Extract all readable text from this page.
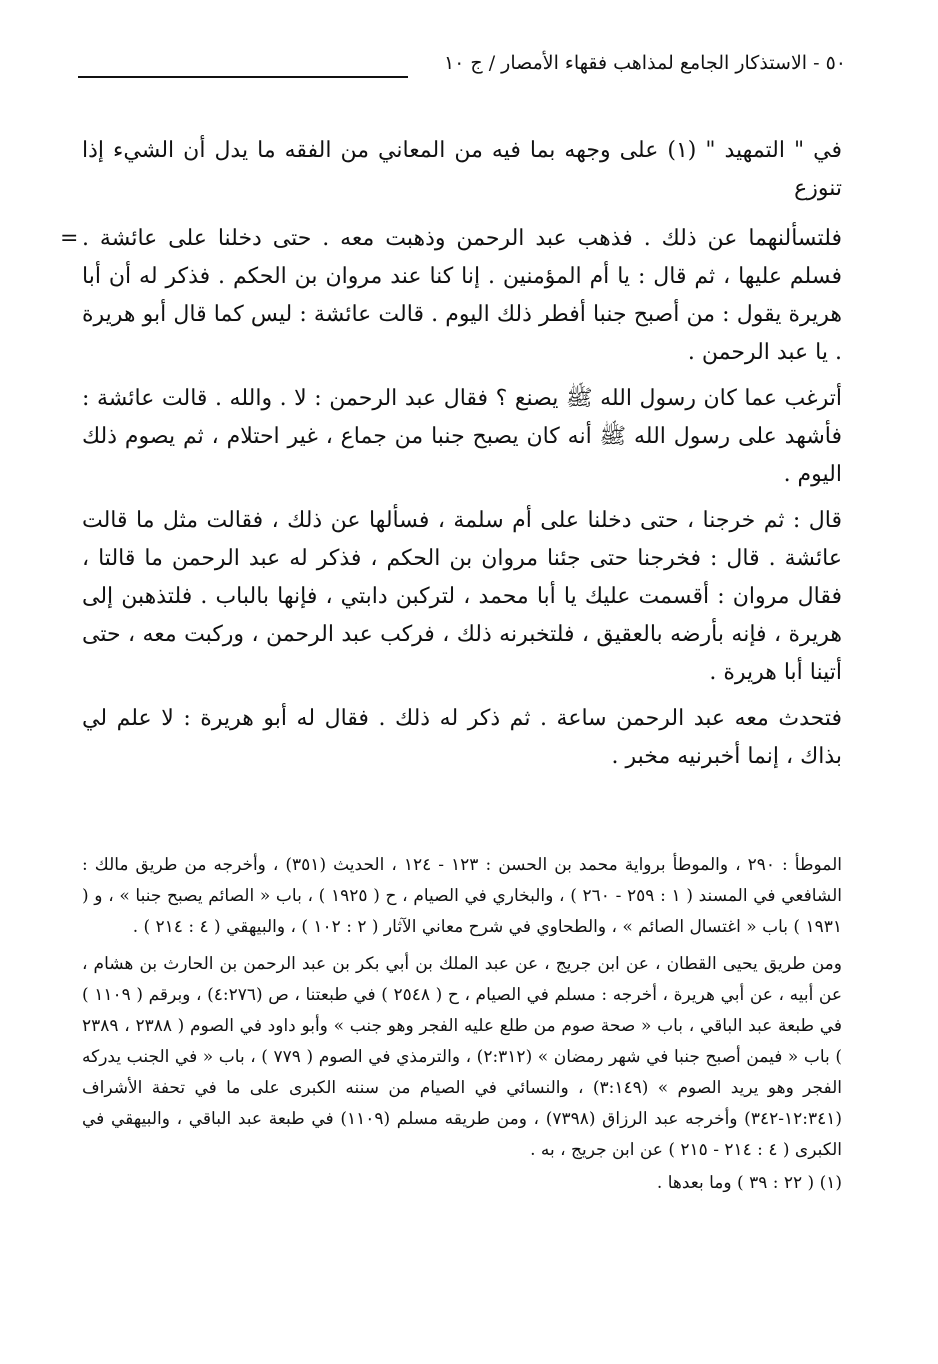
٥٠ - الاستذكار الجامع لمذاهب فقهاء الأمصار / ج ١٠

في " التمهيد " (١) على وجهه بما فيه من المعاني من الفقه ما يدل أن الشيء إذا تنوزع

= فلتسألنهما عن ذلك . فذهب عبد الرحمن وذهبت معه . حتى دخلنا على عائشة . فسلم عليها ، ثم قال : يا أم المؤمنين . إنا كنا عند مروان بن الحكم . فذكر له أن أبا هريرة يقول : من أصبح جنبا أفطر ذلك اليوم . قالت عائشة : ليس كما قال أبو هريرة . يا عبد الرحمن .

أترغب عما كان رسول الله ﷺ يصنع ؟ فقال عبد الرحمن : لا . والله . قالت عائشة : فأشهد على رسول الله ﷺ أنه كان يصبح جنبا من جماع ، غير احتلام ، ثم يصوم ذلك اليوم .

قال : ثم خرجنا ، حتى دخلنا على أم سلمة ، فسألها عن ذلك ، فقالت مثل ما قالت عائشة . قال : فخرجنا حتى جئنا مروان بن الحكم ، فذكر له عبد الرحمن ما قالتا ، فقال مروان : أقسمت عليك يا أبا محمد ، لتركبن دابتي ، فإنها بالباب . فلتذهبن إلى هريرة ، فإنه بأرضه بالعقيق ، فلتخبرنه ذلك ، فركب عبد الرحمن ، وركبت معه ، حتى أتينا أبا هريرة .

فتحدث معه عبد الرحمن ساعة . ثم ذكر له ذلك . فقال له أبو هريرة : لا علم لي بذاك ، إنما أخبرنيه مخبر .

الموطأ : ٢٩٠ ، والموطأ برواية محمد بن الحسن : ١٢٣ - ١٢٤ ، الحديث (٣٥١) ، وأخرجه من طريق مالك : الشافعي في المسند ( ١ : ٢٥٩ - ٢٦٠ ) ، والبخاري في الصيام ، ح ( ١٩٢٥ ) ، باب « الصائم يصبح جنبا » ، و ( ١٩٣١ ) باب « اغتسال الصائم » ، والطحاوي في شرح معاني الآثار ( ٢ : ١٠٢ ) ، والبيهقي ( ٤ : ٢١٤ ) .

ومن طريق يحيى القطان ، عن ابن جريج ، عن عبد الملك بن أبي بكر بن عبد الرحمن بن الحارث بن هشام ، عن أبيه ، عن أبي هريرة ، أخرجه : مسلم في الصيام ، ح ( ٢٥٤٨ ) في طبعتنا ، ص (٤:٢٧٦) ، وبرقم ( ١١٠٩ ) في طبعة عبد الباقي ، باب « صحة صوم من طلع عليه الفجر وهو جنب » وأبو داود في الصوم ( ٢٣٨٨ ، ٢٣٨٩ ) باب « فيمن أصبح جنبا في شهر رمضان » (٢:٣١٢) ، والترمذي في الصوم ( ٧٧٩ ) ، باب « في الجنب يدركه الفجر وهو يريد الصوم » (٣:١٤٩) ، والنسائي في الصيام من سننه الكبرى على ما في تحفة الأشراف (١٢:٣٤١-٣٤٢) وأخرجه عبد الرزاق (٧٣٩٨) ، ومن طريقه مسلم (١١٠٩) في طبعة عبد الباقي ، والبيهقي في الكبرى ( ٤ : ٢١٤ - ٢١٥ ) عن ابن جريج ، به .

(١) ( ٢٢ : ٣٩ ) وما بعدها .
